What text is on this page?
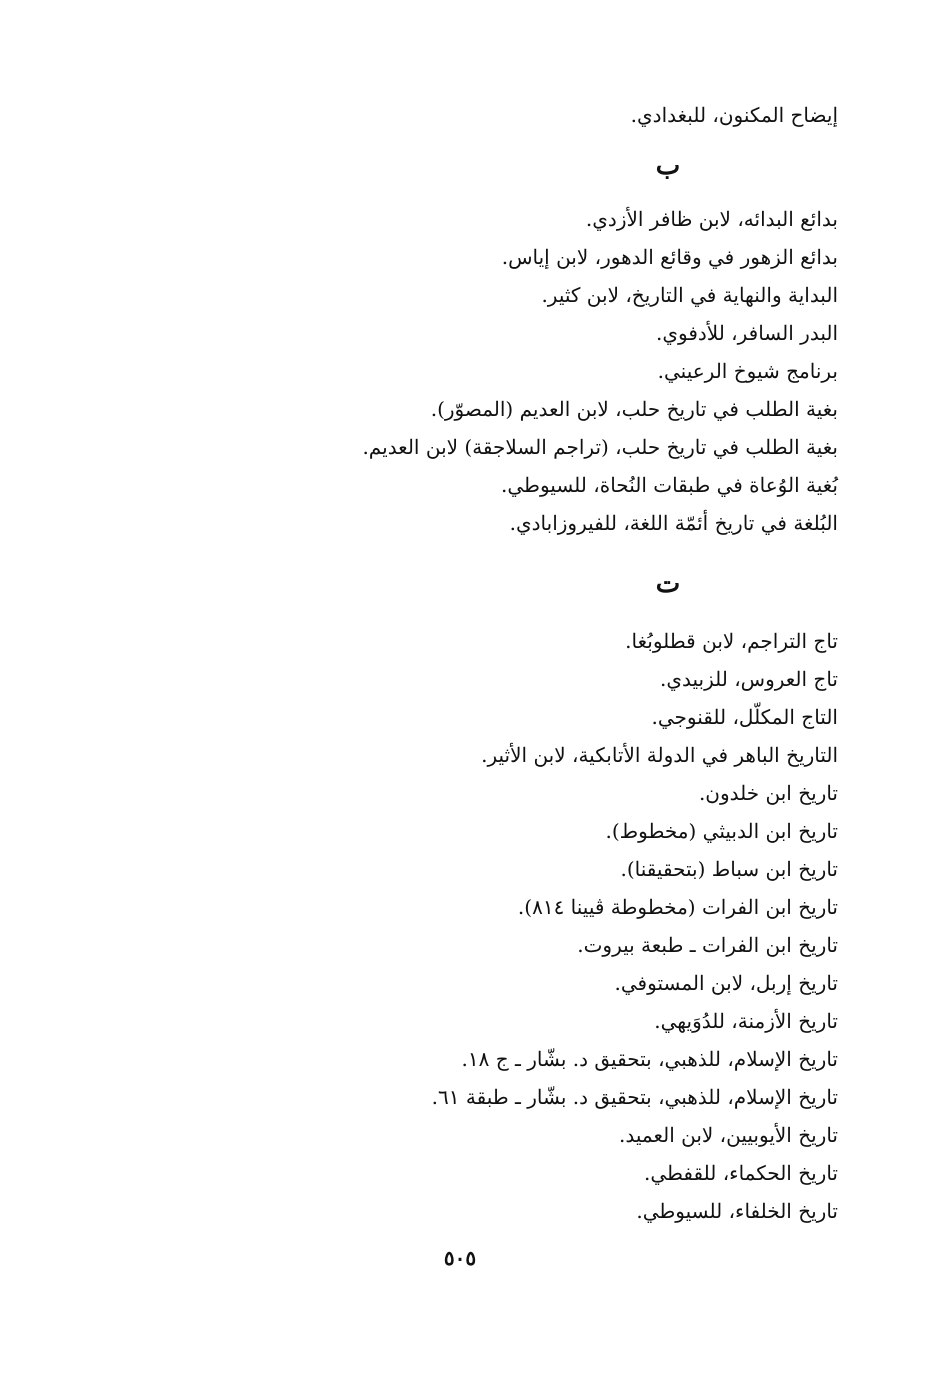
إيضاح المكنون، للبغدادي.
ب
بدائع البدائه، لابن ظافر الأزدي.
بدائع الزهور في وقائع الدهور، لابن إياس.
البداية والنهاية في التاريخ، لابن كثير.
البدر السافر، للأدفوي.
برنامج شيوخ الرعيني.
بغية الطلب في تاريخ حلب، لابن العديم (المصوّر).
بغية الطلب في تاريخ حلب، (تراجم السلاجقة) لابن العديم.
بُغية الوُعاة في طبقات النُحاة، للسيوطي.
البُلغة في تاريخ أئمّة اللغة، للفيروزابادي.
ت
تاج التراجم، لابن قطلوبُغا.
تاج العروس، للزبيدي.
التاج المكلّل، للقنوجي.
التاريخ الباهر في الدولة الأتابكية، لابن الأثير.
تاريخ ابن خلدون.
تاريخ ابن الدبيثي (مخطوط).
تاريخ ابن سباط (بتحقيقنا).
تاريخ ابن الفرات (مخطوطة ڤيينا ٨١٤).
تاريخ ابن الفرات ـ طبعة بيروت.
تاريخ إربل، لابن المستوفي.
تاريخ الأزمنة، للدُوَيهي.
تاريخ الإسلام، للذهبي، بتحقيق د. بشّار ـ ج ١٨.
تاريخ الإسلام، للذهبي، بتحقيق د. بشّار ـ طبقة ٦١.
تاريخ الأيوبيين، لابن العميد.
تاريخ الحكماء، للقفطي.
تاريخ الخلفاء، للسيوطي.
٥٠٥
